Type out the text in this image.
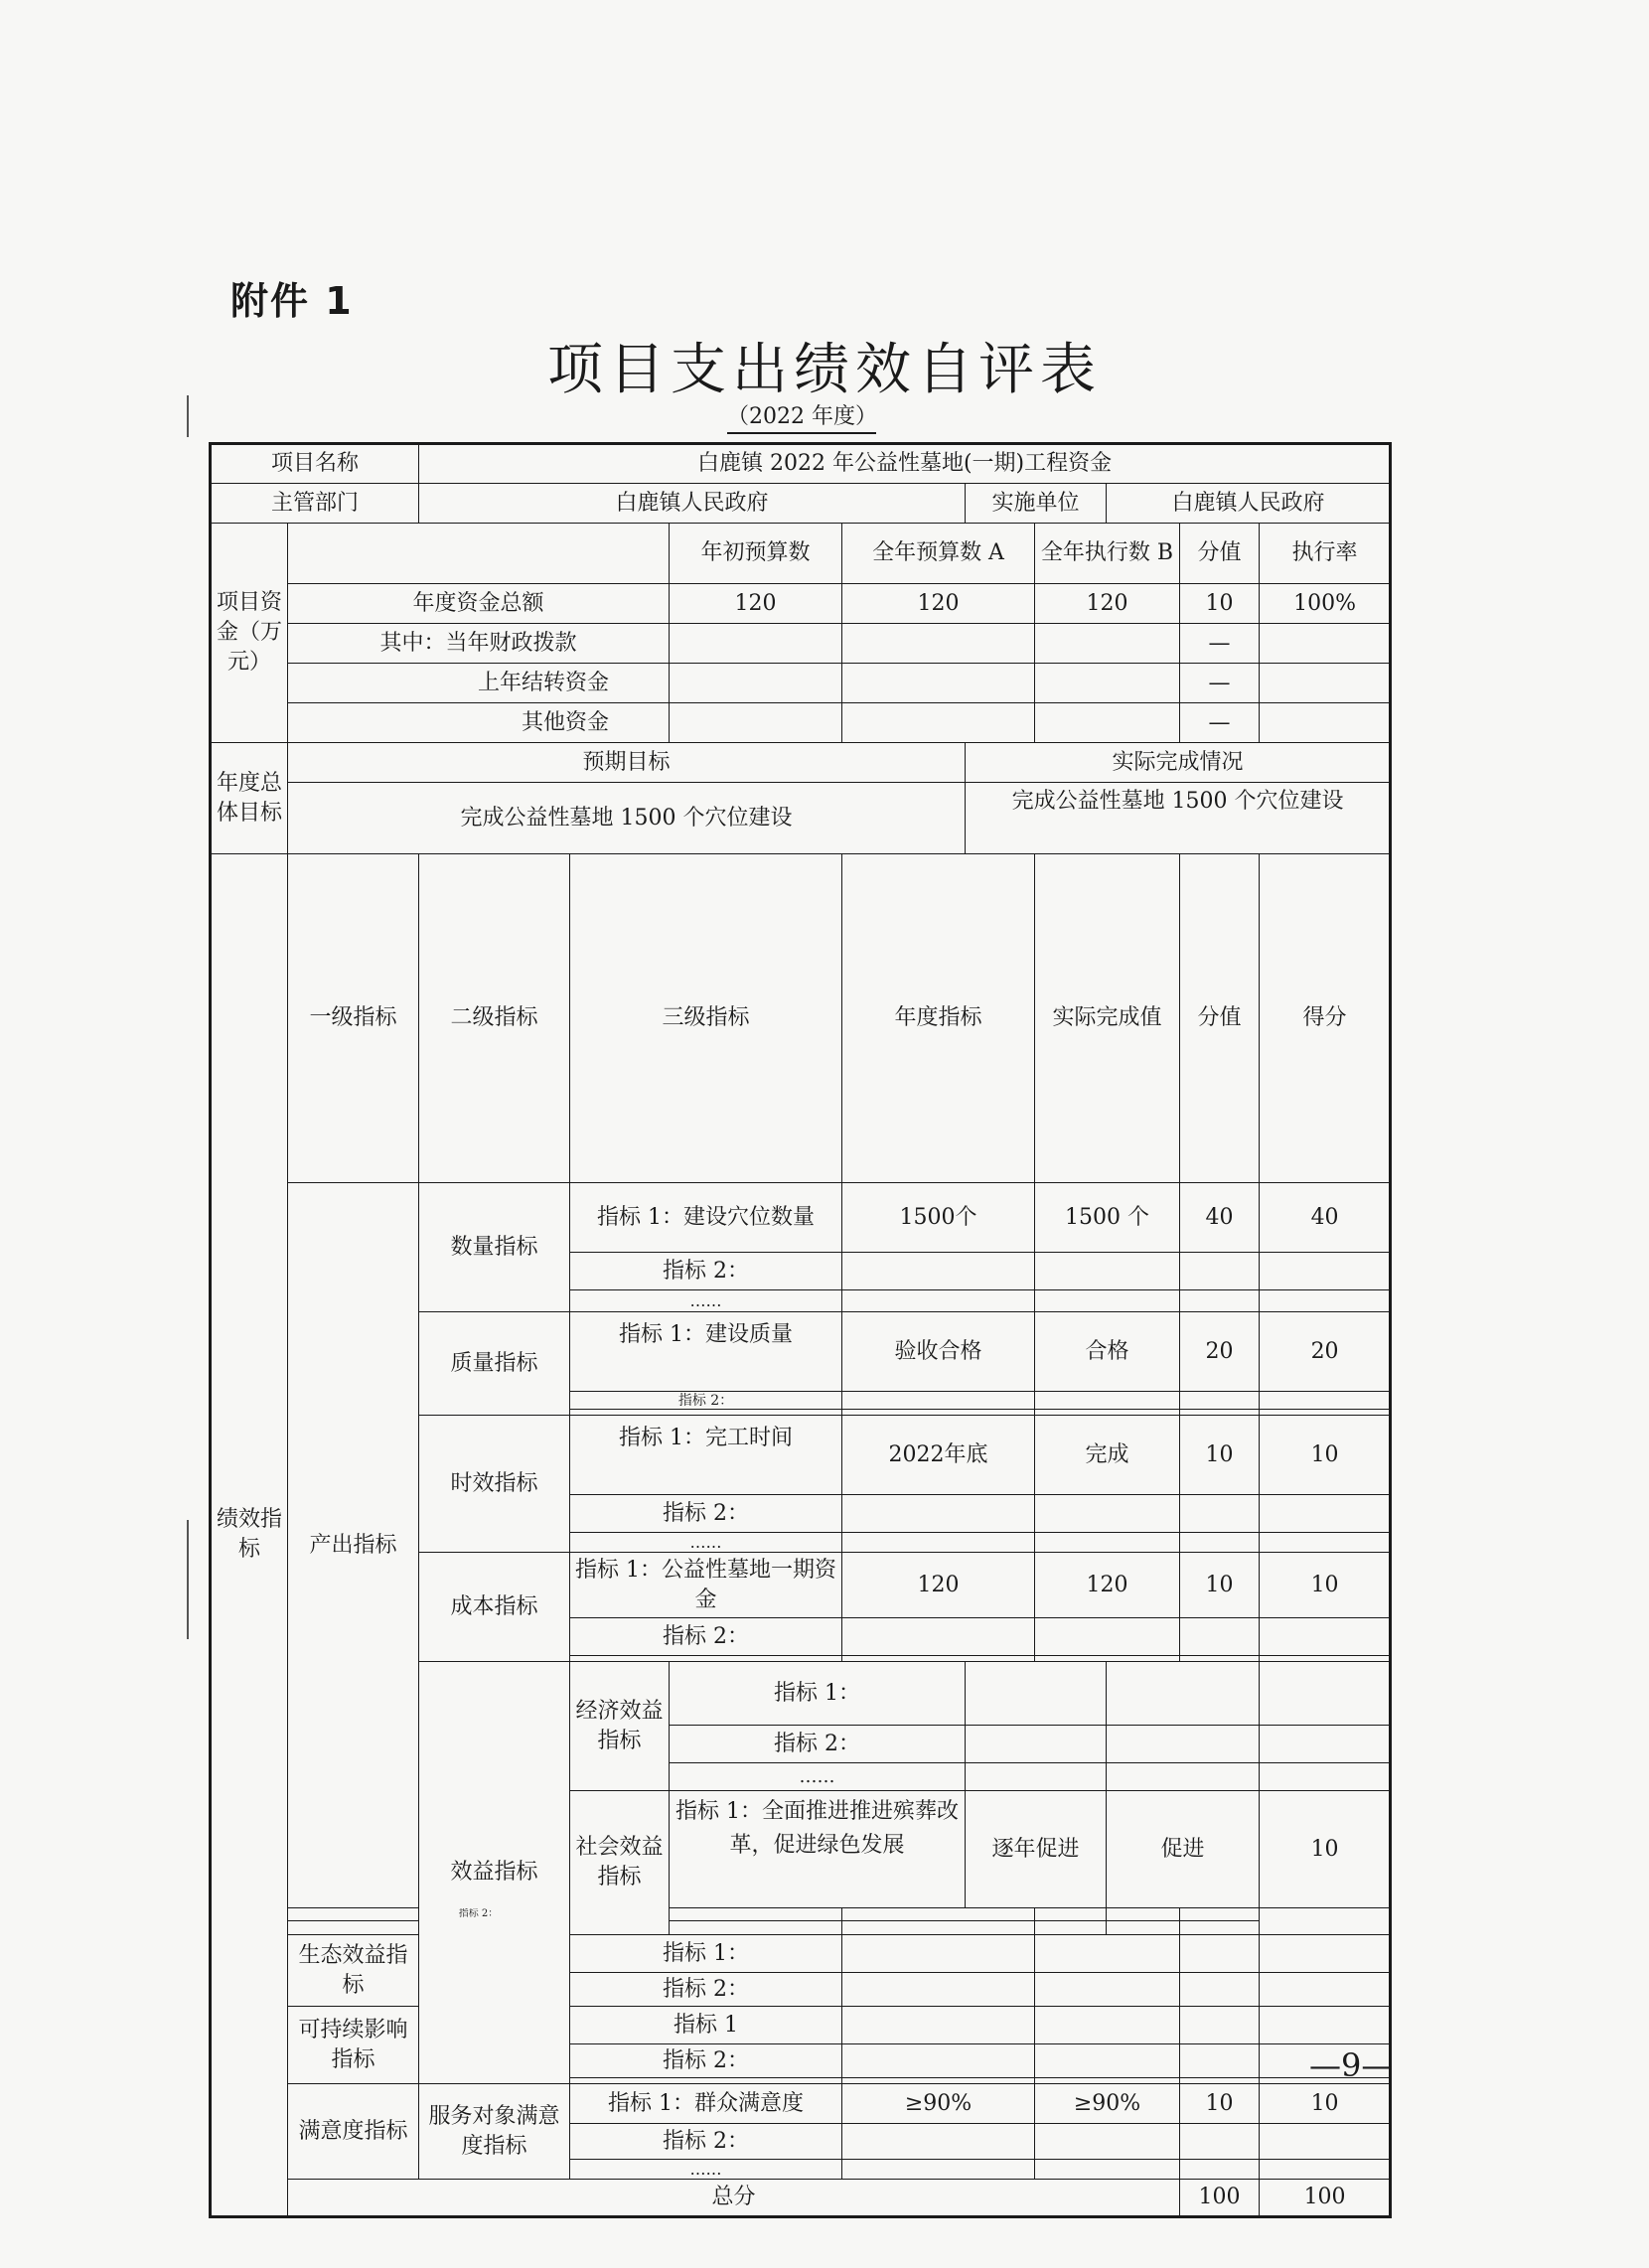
附件 1
项目支出绩效自评表
（2022 年度）
项目名称		白鹿镇 2022 年公益性墓地(一期)工程资金									
主管部门		白鹿镇人民政府				实施单位		白鹿镇人民政府			
项目资金（万元）				年初预算数	全年预算数 A		全年执行数 B		分值	执行率	
	年度资金总额			120	120		120		10	100%	
	其中：当年财政拨款								—		
	上年结转资金								—		
	其他资金								—		
年度总体目标	预期目标					实际完成情况					
	完成公益性墓地 1500 个穴位建设					完成公益性墓地 1500 个穴位建设					
绩效指标	一级指标	二级指标	三级指标		年度指标		实际完成值		分值	得分	
	产出指标	数量指标	指标 1：建设穴位数量		1500个		1500 个		40	40	
			指标 2：								
			……								
		质量指标	指标 1：建设质量		验收合格		合格		20	20	
			指标 2：								

		时效指标	指标 1：完工时间		2022年底		完成		10	10	
			指标 2：								
			……								
		成本指标	指标 1：公益性墓地一期资金		120		120		10	10	
			指标 2：								

		效益指标	经济效益指标	指标 1：							
				指标 2：							
				……							
			社会效益指标	指标 1：全面推进推进殡葬改革，促进绿色发展		逐年促进		促进		10		
	指标 2：										

	生态效益指标		指标 1：								
			指标 2：								
	可持续影响指标		指标 1								
			指标 2：								

	满意度指标	服务对象满意度指标	指标 1：群众满意度		≥90%		≥90%		10	10	
			指标 2：								
			……								
	总分								100	100	
—9—
